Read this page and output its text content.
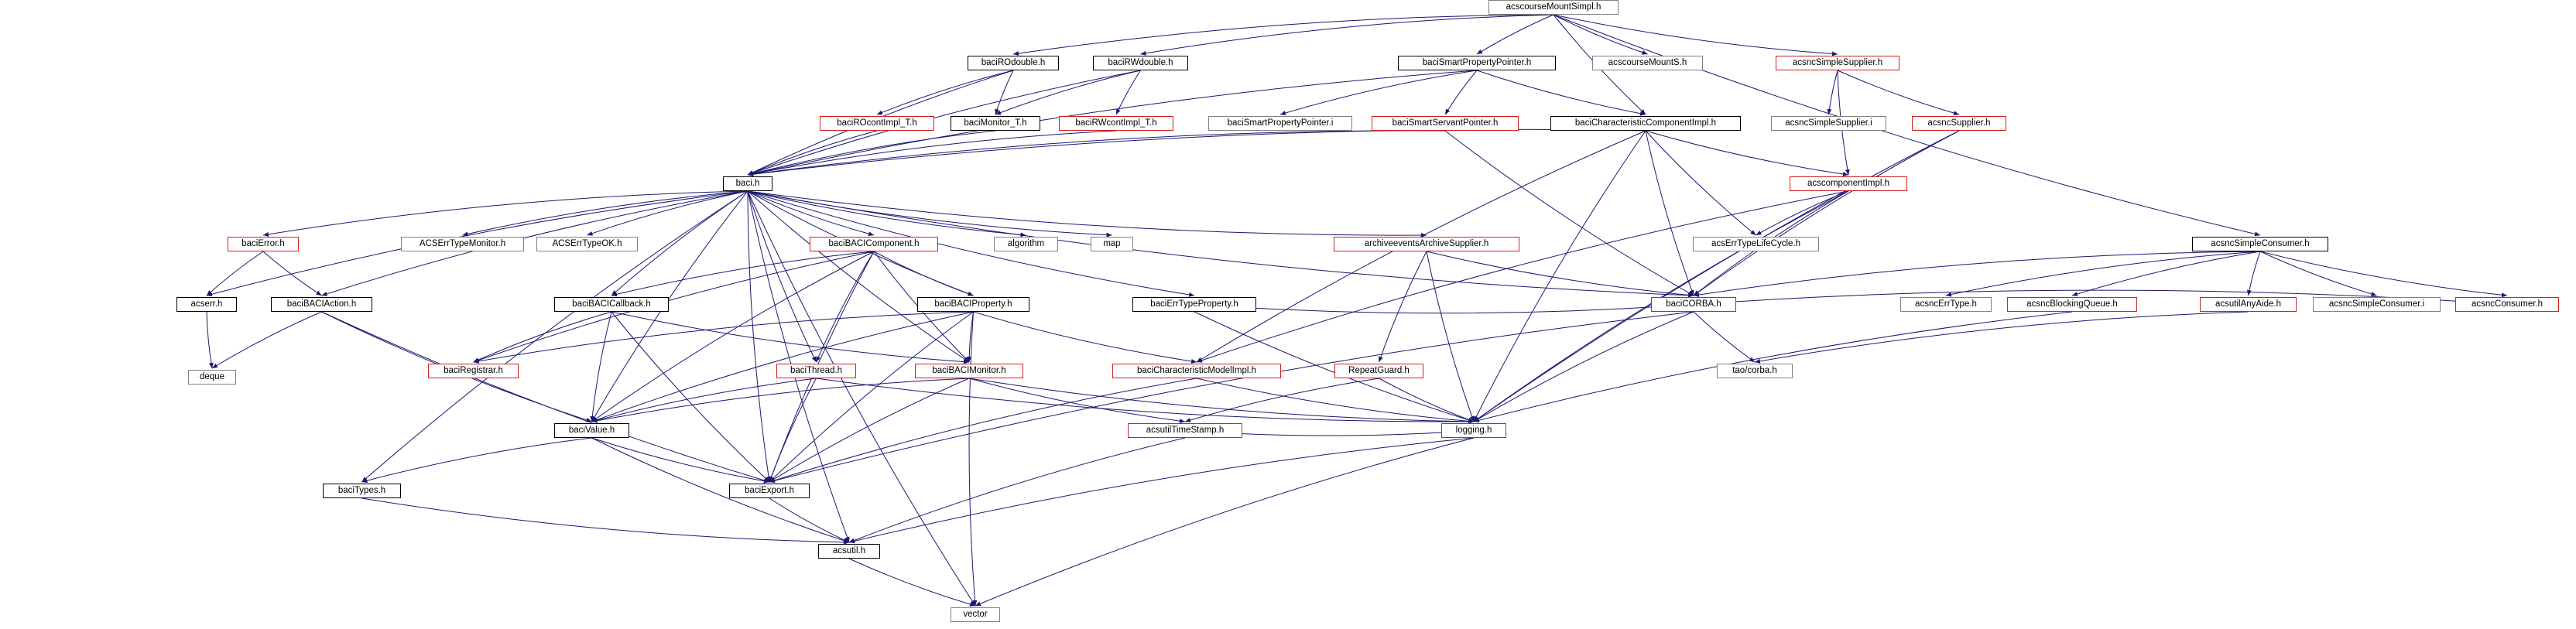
acscourseMountSimpl.h
baciROdouble.h	baciRWdouble.h	baciSmartPropertyPointer.h	acscourseMountS.h	acsncSimpleSupplier.h
baciROcontImpl_T.h	baciMonitor_T.h	baciRWcontImpl_T.h	baciSmartPropertyPointer.i	baciSmartServantPointer.h	baciCharacteristicComponentImpl.h	acsncSimpleSupplier.i	acsncSupplier.h
baci.h	acscomponentImpl.h
baciError.h	ACSErrTypeMonitor.h	ACSErrTypeOK.h	baciBACIComponent.h	algorithm	map	archiveeventsArchiveSupplier.h	acsErrTypeLifeCycle.h	acsncSimpleConsumer.h
acserr.h	baciBACIAction.h	baciBACICallback.h	baciBACIProperty.h	baciErrTypeProperty.h	baciCORBA.h	acsncErrType.h	acsncBlockingQueue.h	acsutilAnyAide.h	acsncSimpleConsumer.i	acsncConsumer.h
deque
baciRegistrar.h	baciThread.h	baciBACIMonitor.h	baciCharacteristicModelImpl.h	RepeatGuard.h	tao/corba.h
baciValue.h	acsutilTimeStamp.h	logging.h
baciTypes.h	baciExport.h
acsutil.h
vector
